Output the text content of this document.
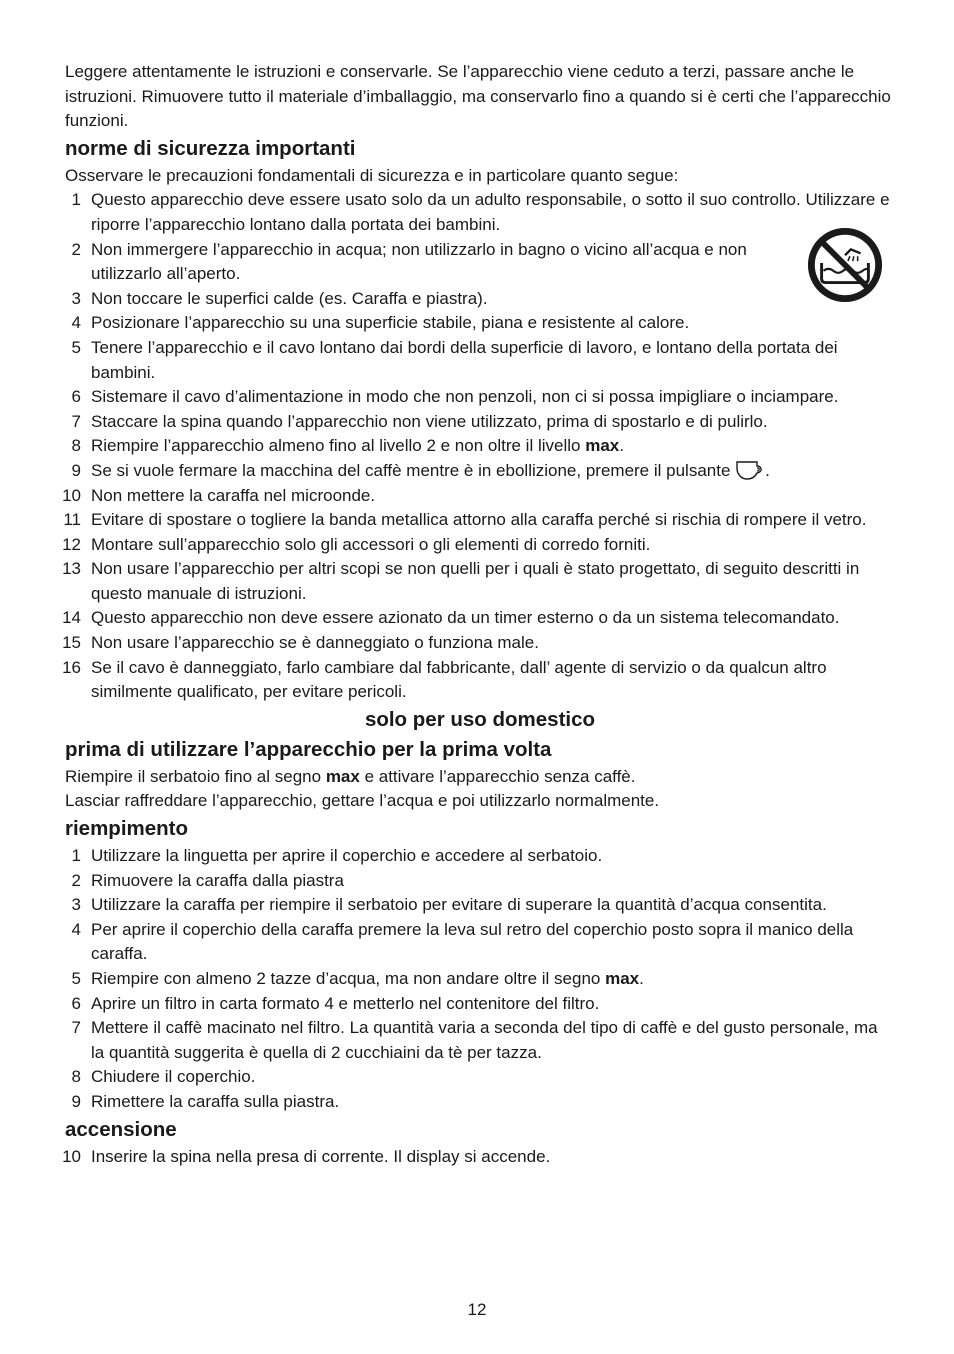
Leggere attentamente le istruzioni e conservarle. Se l’apparecchio viene ceduto a terzi, passare anche le istruzioni. Rimuovere tutto il materiale d’imballaggio, ma conservarlo fino a quando si è certi che l’apparecchio funzioni.

norme di sicurezza importanti

Osservare le precauzioni fondamentali di sicurezza e in particolare quanto segue:

1 Questo apparecchio deve essere usato solo da un adulto responsabile, o sotto il suo controllo. Utilizzare e riporre l’apparecchio lontano dalla portata dei bambini.
2 Non immergere l’apparecchio in acqua; non utilizzarlo in bagno o vicino all’acqua e non utilizzarlo all’aperto.
3 Non toccare le superfici calde (es. Caraffa e piastra).
4 Posizionare l’apparecchio su una superficie stabile, piana e resistente al calore.
5 Tenere l’apparecchio e il cavo lontano dai bordi della superficie di lavoro, e lontano della portata dei bambini.
6 Sistemare il cavo d’alimentazione in modo che non penzoli, non ci si possa impigliare o inciampare.
7 Staccare la spina quando l’apparecchio non viene utilizzato, prima di spostarlo e di pulirlo.
8 Riempire l’apparecchio almeno fino al livello 2 e non oltre il livello max.
9 Se si vuole fermare la macchina del caffè mentre è in ebollizione, premere il pulsante .
10 Non mettere la caraffa nel microonde.
11 Evitare di spostare o togliere la banda metallica attorno alla caraffa perché si rischia di rompere il vetro.
12 Montare sull’apparecchio solo gli accessori o gli elementi di corredo forniti.
13 Non usare l’apparecchio per altri scopi se non quelli per i quali è stato progettato, di seguito descritti in questo manuale di istruzioni.
14 Questo apparecchio non deve essere azionato da un timer esterno o da un sistema telecomandato.
15 Non usare l’apparecchio se è danneggiato o funziona male.
16 Se il cavo è danneggiato, farlo cambiare dal fabbricante, dall’ agente di servizio o da qualcun altro similmente qualificato, per evitare pericoli.
solo per uso domestico
prima di utilizzare l’apparecchio per la prima volta

Riempire il serbatoio fino al segno max e attivare l’apparecchio senza caffè.

Lasciar raffreddare l’apparecchio, gettare l’acqua e poi utilizzarlo normalmente.

riempimento
1 Utilizzare la linguetta per aprire il coperchio e accedere al serbatoio.
2 Rimuovere la caraffa dalla piastra
3 Utilizzare la caraffa per riempire il serbatoio per evitare di superare la quantità d’acqua consentita.
4 Per aprire il coperchio della caraffa premere la leva sul retro del coperchio posto sopra il manico della caraffa.
5 Riempire con almeno 2 tazze d’acqua, ma non andare oltre il segno max.
6 Aprire un filtro in carta formato 4 e metterlo nel contenitore del filtro.
7 Mettere il caffè macinato nel filtro. La quantità varia a seconda del tipo di caffè e del gusto personale, ma la quantità suggerita è quella di 2 cucchiaini da tè per tazza.
8 Chiudere il coperchio.
9 Rimettere la caraffa sulla piastra.
accensione
10 Inserire la spina nella presa di corrente. Il display si accende.
12
